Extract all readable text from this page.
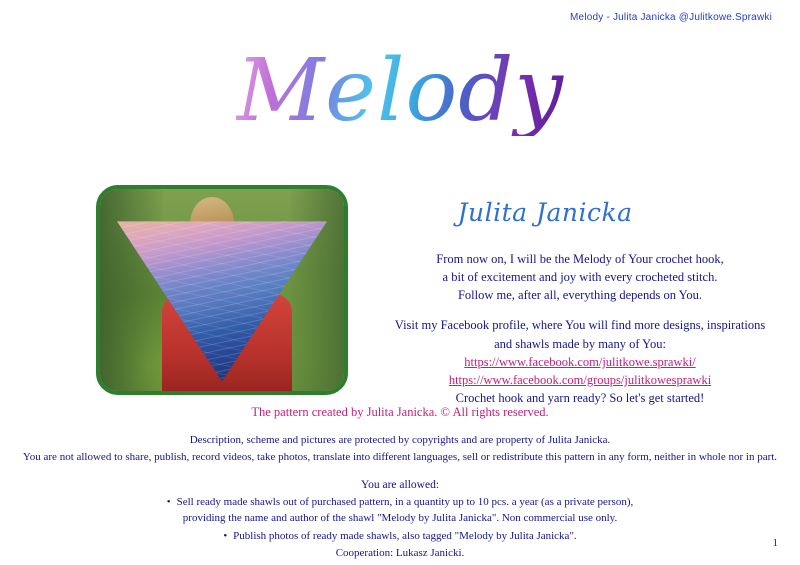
Melody - Julita Janicka @Julitkowe.Sprawki
Melody
Julita Janicka

From now on, I will be the Melody of Your crochet hook,

a bit of excitement and joy with every crocheted stitch.

Follow me, after all, everything depends on You.

Visit my Facebook profile, where You will find more designs, inspirations

and shawls made by many of You:

https://www.facebook.com/julitkowe.sprawki/
https://www.facebook.com/groups/julitkowesprawki

Crochet hook and yarn ready? So let's get started!

The pattern created by Julita Janicka. © All rights reserved.
Description, scheme and pictures are protected by copyrights and are property of Julita Janicka.
You are not allowed to share, publish, record videos, take photos, translate into different languages, sell or redistribute this pattern in any form, neither in whole nor in part.
You are allowed:
• Sell ready made shawls out of purchased pattern, in a quantity up to 10 pcs. a year (as a private person),
providing the name and author of the shawl "Melody by Julita Janicka". Non commercial use only.
• Publish photos of ready made shawls, also tagged "Melody by Julita Janicka".
Cooperation: Lukasz Janicki.
1
